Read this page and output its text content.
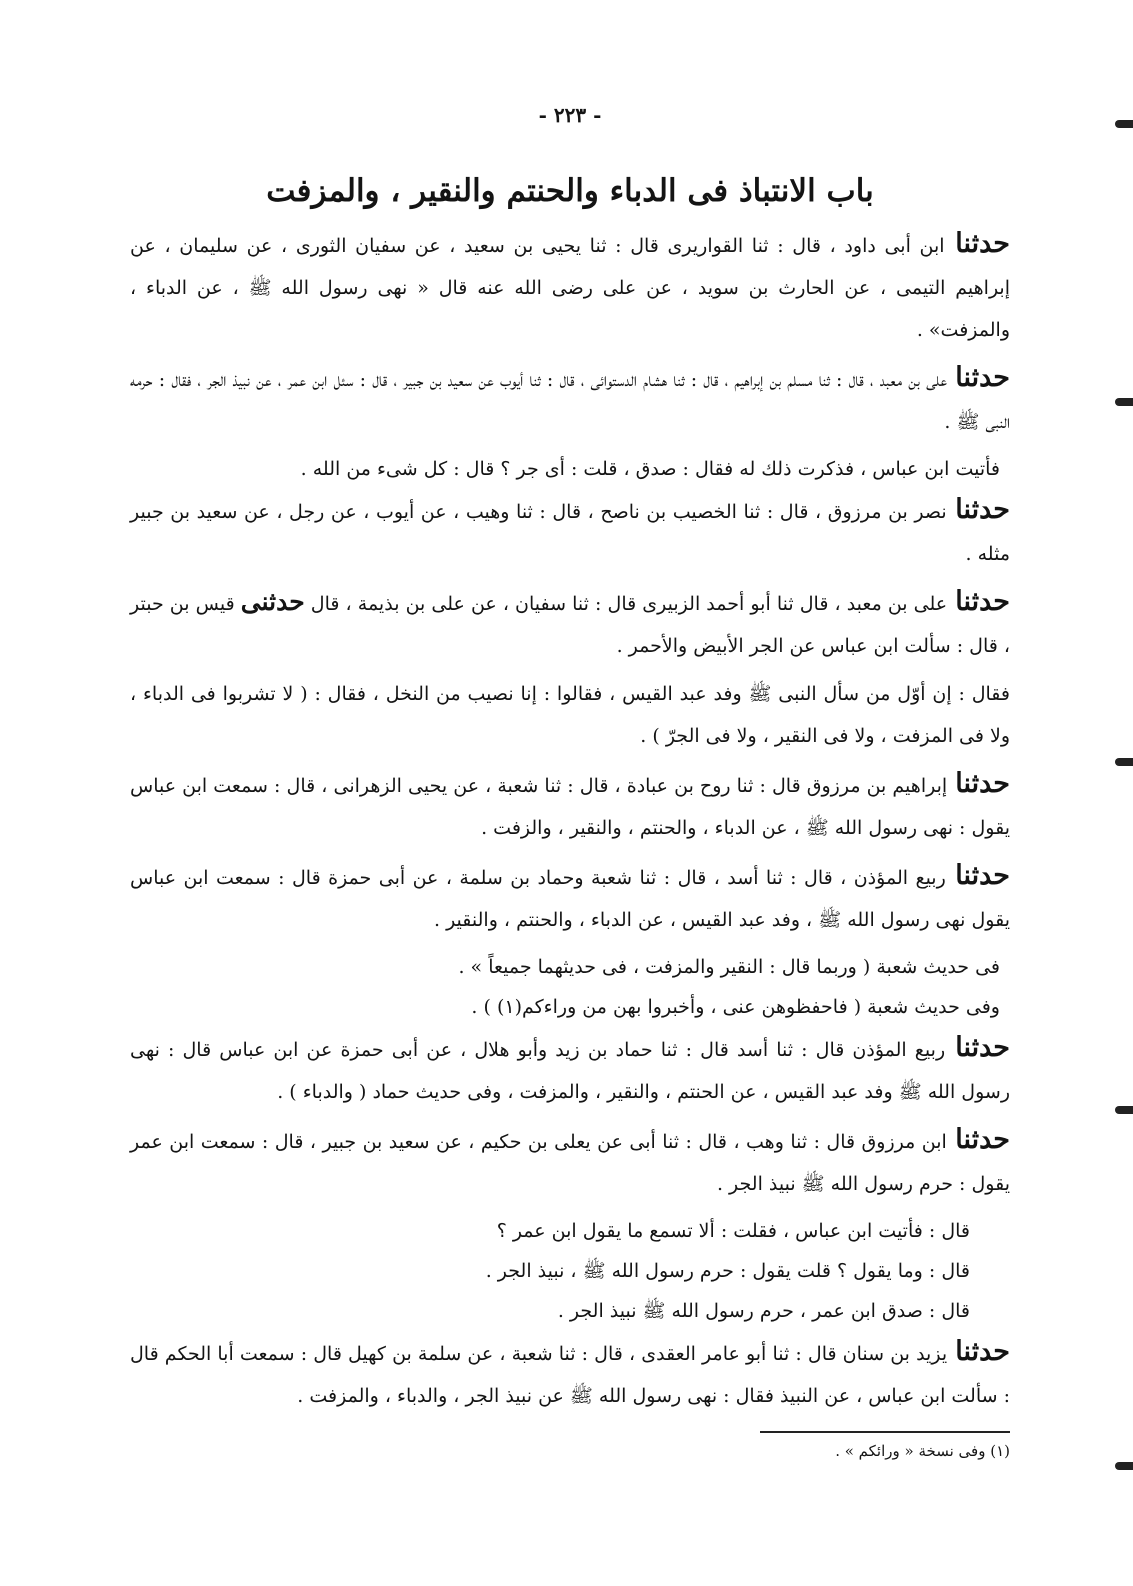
- ٢٢٣ -
باب الانتباذ فى الدباء والحنتم والنقير ، والمزفت
حدثنا ابن أبى داود ، قال : ثنا القواريرى قال : ثنا يحيى بن سعيد ، عن سفيان الثورى ، عن سليمان ، عن إبراهيم التيمى ، عن الحارث بن سويد ، عن على رضى الله عنه قال « نهى رسول الله ﷺ ، عن الدباء ، والمزفت» .
حدثنا على بن معبد ، قال : ثنا مسلم بن إبراهيم ، قال : ثنا هشام الدستوائى ، قال : ثنا أيوب عن سعيد بن جبير ، قال : سئل ابن عمر ، عن نبيذ الجر ، فقال : حرمه النبى ﷺ .
فأتيت ابن عباس ، فذكرت ذلك له فقال : صدق ، قلت : أى جر ؟ قال : كل شىء من الله .
حدثنا نصر بن مرزوق ، قال : ثنا الخصيب بن ناصح ، قال : ثنا وهيب ، عن أيوب ، عن رجل ، عن سعيد بن جبير مثله .
حدثنا على بن معبد ، قال ثنا أبو أحمد الزبيرى قال : ثنا سفيان ، عن على بن بذيمة ، قال حدثنى قيس بن حبتر ، قال : سألت ابن عباس عن الجر الأبيض والأحمر .
فقال : إن أوّل من سأل النبى ﷺ وفد عبد القيس ، فقالوا : إنا نصيب من النخل ، فقال : ( لا تشربوا فى الدباء ، ولا فى المزفت ، ولا فى النقير ، ولا فى الجرّ ) .
حدثنا إبراهيم بن مرزوق قال : ثنا روح بن عبادة ، قال : ثنا شعبة ، عن يحيى الزهرانى ، قال : سمعت ابن عباس يقول : نهى رسول الله ﷺ ، عن الدباء ، والحنتم ، والنقير ، والزفت .
حدثنا ربيع المؤذن ، قال : ثنا أسد ، قال : ثنا شعبة وحماد بن سلمة ، عن أبى حمزة قال : سمعت ابن عباس يقول نهى رسول الله ﷺ ، وفد عبد القيس ، عن الدباء ، والحنتم ، والنقير .
فى حديث شعبة ( وربما قال : النقير والمزفت ، فى حديثهما جميعاً » .
وفى حديث شعبة ( فاحفظوهن عنى ، وأخبروا بهن من وراءكم(١) ) .
حدثنا ربيع المؤذن قال : ثنا أسد قال : ثنا حماد بن زيد وأبو هلال ، عن أبى حمزة عن ابن عباس قال : نهى رسول الله ﷺ وفد عبد القيس ، عن الحنتم ، والنقير ، والمزفت ، وفى حديث حماد ( والدباء ) .
حدثنا ابن مرزوق قال : ثنا وهب ، قال : ثنا أبى عن يعلى بن حكيم ، عن سعيد بن جبير ، قال : سمعت ابن عمر يقول : حرم رسول الله ﷺ نبيذ الجر .
قال : فأتيت ابن عباس ، فقلت : ألا تسمع ما يقول ابن عمر ؟
قال : وما يقول ؟ قلت يقول : حرم رسول الله ﷺ ، نبيذ الجر .
قال : صدق ابن عمر ، حرم رسول الله ﷺ نبيذ الجر .
حدثنا يزيد بن سنان قال : ثنا أبو عامر العقدى ، قال : ثنا شعبة ، عن سلمة بن كهيل قال : سمعت أبا الحكم قال : سألت ابن عباس ، عن النبيذ فقال : نهى رسول الله ﷺ عن نبيذ الجر ، والدباء ، والمزفت .
(١) وفى نسخة « ورائكم » .
